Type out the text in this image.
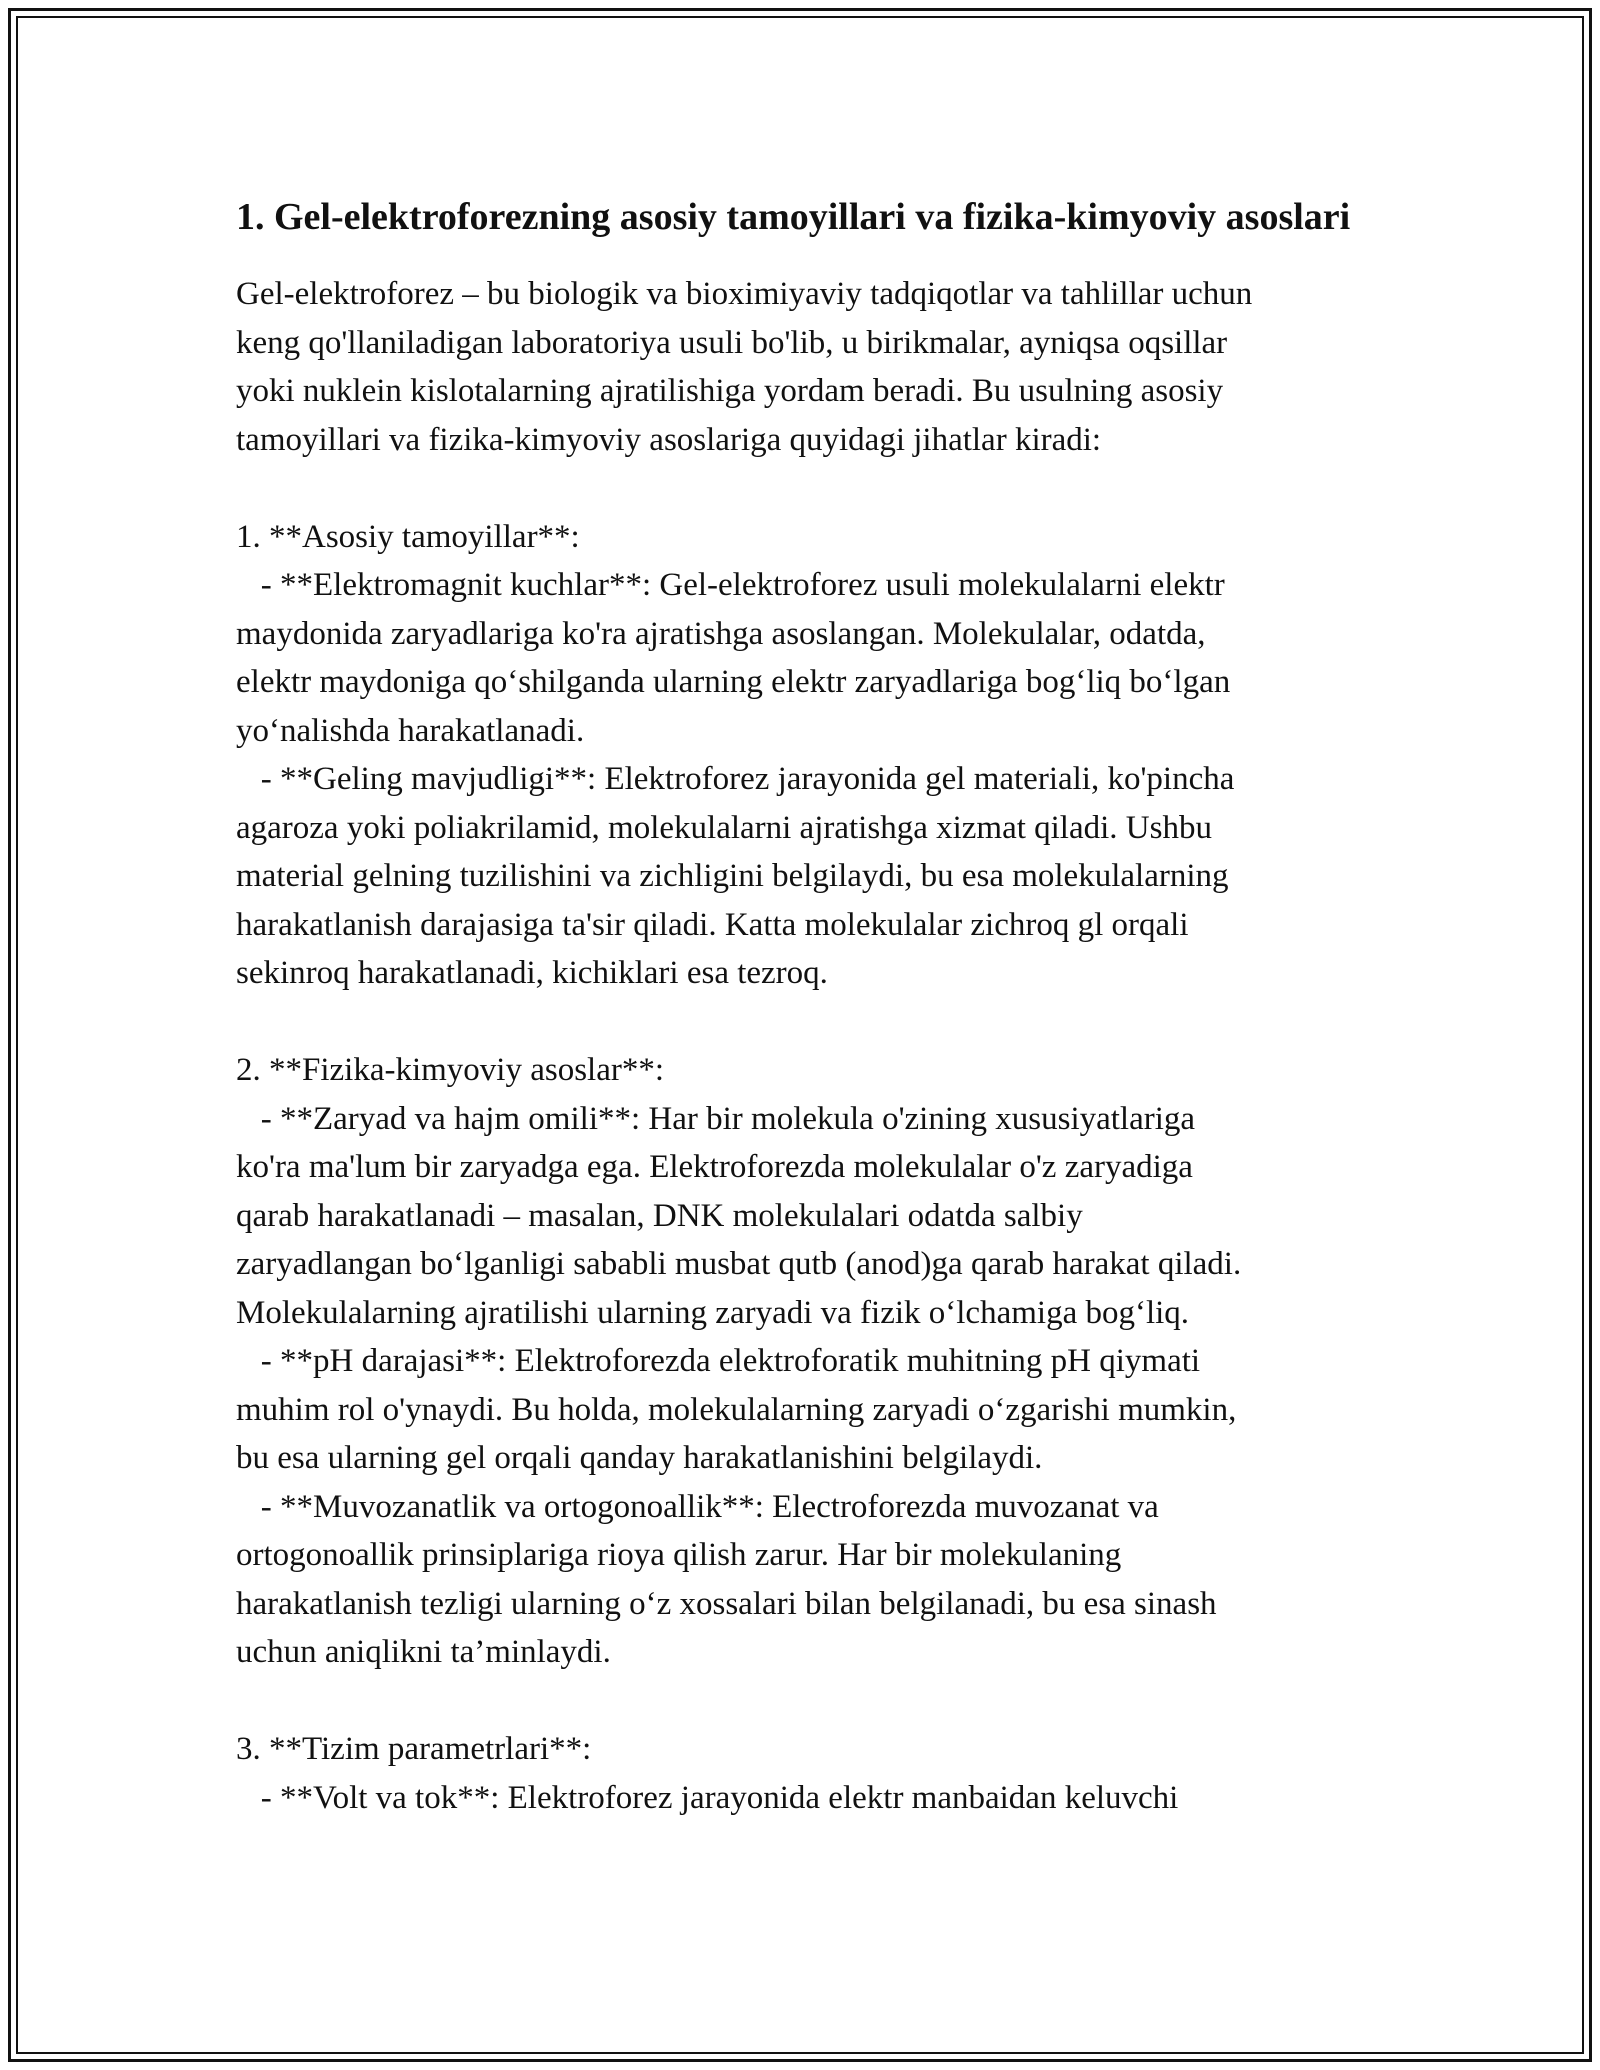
1. Gel-elektroforezning asosiy tamoyillari va fizika-kimyoviy asoslari

Gel-elektroforez – bu biologik va bioximiyaviy tadqiqotlar va tahlillar uchun
keng qo'llaniladigan laboratoriya usuli bo'lib, u birikmalar, ayniqsa oqsillar
yoki nuklein kislotalarning ajratilishiga yordam beradi. Bu usulning asosiy
tamoyillari va fizika-kimyoviy asoslariga quyidagi jihatlar kiradi:

1. **Asosiy tamoyillar**:
- **Elektromagnit kuchlar**: Gel-elektroforez usuli molekulalarni elektr
maydonida zaryadlariga ko'ra ajratishga asoslangan. Molekulalar, odatda,
elektr maydoniga qo‘shilganda ularning elektr zaryadlariga bog‘liq bo‘lgan
yo‘nalishda harakatlanadi.
- **Geling mavjudligi**: Elektroforez jarayonida gel materiali, ko'pincha
agaroza yoki poliakrilamid, molekulalarni ajratishga xizmat qiladi. Ushbu
material gelning tuzilishini va zichligini belgilaydi, bu esa molekulalarning
harakatlanish darajasiga ta'sir qiladi. Katta molekulalar zichroq gl orqali
sekinroq harakatlanadi, kichiklari esa tezroq.

2. **Fizika-kimyoviy asoslar**:
- **Zaryad va hajm omili**: Har bir molekula o'zining xususiyatlariga
ko'ra ma'lum bir zaryadga ega. Elektroforezda molekulalar o'z zaryadiga
qarab harakatlanadi – masalan, DNK molekulalari odatda salbiy
zaryadlangan bo‘lganligi sababli musbat qutb (anod)ga qarab harakat qiladi.
Molekulalarning ajratilishi ularning zaryadi va fizik o‘lchamiga bog‘liq.
- **pH darajasi**: Elektroforezda elektroforatik muhitning pH qiymati
muhim rol o'ynaydi. Bu holda, molekulalarning zaryadi o‘zgarishi mumkin,
bu esa ularning gel orqali qanday harakatlanishini belgilaydi.
- **Muvozanatlik va ortogonoallik**: Electroforezda muvozanat va
ortogonoallik prinsiplariga rioya qilish zarur. Har bir molekulaning
harakatlanish tezligi ularning o‘z xossalari bilan belgilanadi, bu esa sinash
uchun aniqlikni ta’minlaydi.

3. **Tizim parametrlari**:
- **Volt va tok**: Elektroforez jarayonida elektr manbaidan keluvchi
